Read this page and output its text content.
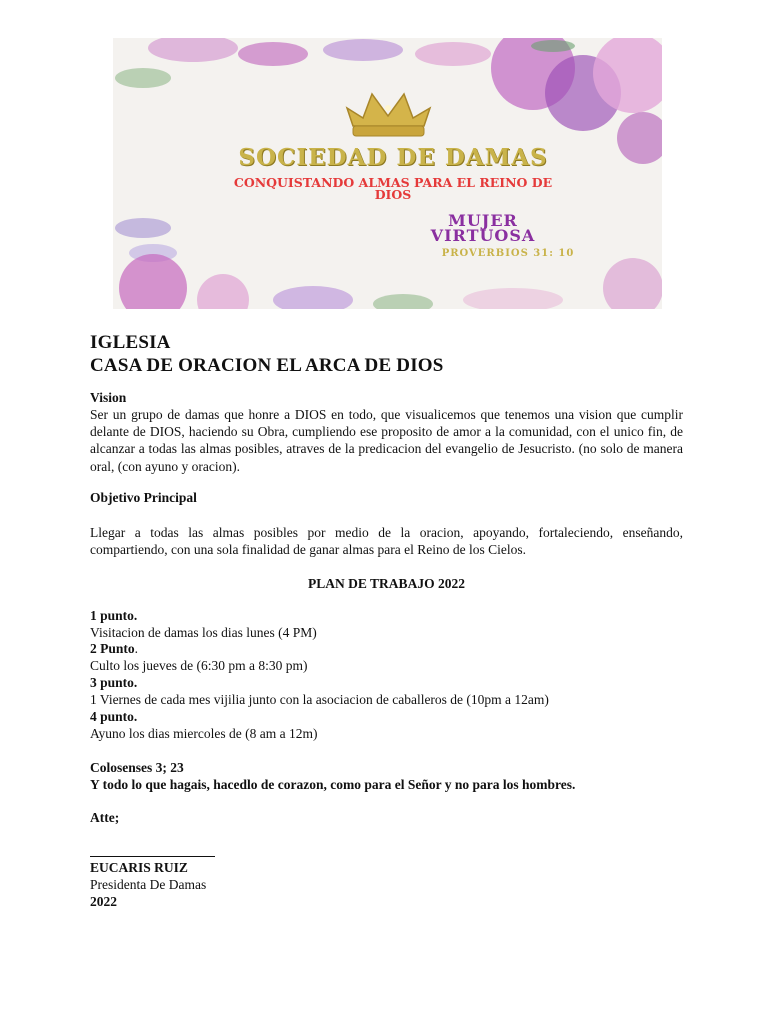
SOCIEDAD DE DAMAS
CONQUISTANDO ALMAS PARA EL REINO DE
DIOS
MUJER
VIRTUOSA
PROVERBIOS 31: 10
IGLESIA
CASA DE ORACION EL ARCA DE DIOS
Vision
Ser un grupo de damas que honre a DIOS en todo, que visualicemos que tenemos una vision que cumplir delante de DIOS, haciendo su Obra, cumpliendo ese proposito de amor a la comunidad, con el unico fin, de alcanzar a todas las almas posibles, atraves de la predicacion del evangelio de Jesucristo. (no solo de manera oral, (con ayuno y oracion).
Objetivo Principal
Llegar a todas las almas posibles por medio de la oracion, apoyando, fortaleciendo, enseñando, compartiendo, con una sola finalidad de ganar almas para el Reino de los Cielos.
PLAN DE TRABAJO 2022
1 punto.
Visitacion de damas los dias lunes (4 PM)
2 Punto.
Culto los jueves de (6:30 pm a 8:30 pm)
3 punto.
1 Viernes de cada mes vijilia junto con la asociacion de caballeros de (10pm a 12am)
4 punto.
Ayuno los dias miercoles de (8 am a 12m)
Colosenses 3; 23
Y todo lo que hagais, hacedlo de corazon, como para el Señor y no para los hombres.
Atte;
EUCARIS RUIZ
Presidenta De Damas
2022
